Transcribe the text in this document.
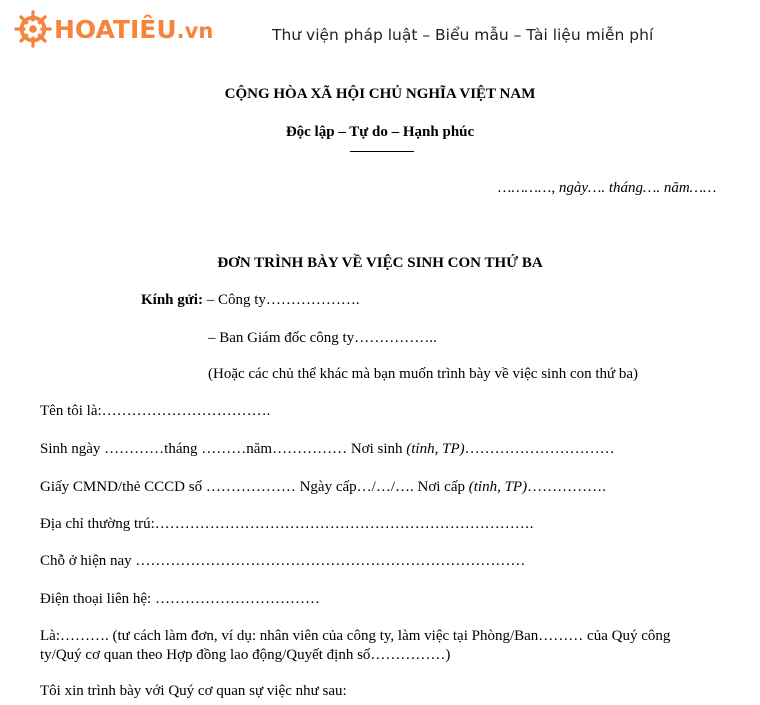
HOATIÊU.vn	Thư viện pháp luật – Biểu mẫu – Tài liệu miễn phí
CỘNG HÒA XÃ HỘI CHỦ NGHĨA VIỆT NAM
Độc lập – Tự do – Hạnh phúc
…………, ngày…. tháng…. năm……
ĐƠN TRÌNH BÀY VỀ VIỆC SINH CON THỨ BA
Kính gửi: – Công ty……………….
– Ban Giám đốc công ty……………..
(Hoặc các chủ thể khác mà bạn muốn trình bày về việc sinh con thứ ba)
Tên tôi là:…………………………….
Sinh ngày …………tháng ………năm…………… Nơi sinh (tỉnh, TP)…………………………
Giấy CMND/thẻ CCCD số ……………… Ngày cấp…/…/…. Nơi cấp (tỉnh, TP)…………….
Địa chỉ thường trú:………………………………………………………………….
Chỗ ở hiện nay ……………………………………………………………………
Điện thoại liên hệ: ……………………………
Là:………. (tư cách làm đơn, ví dụ: nhân viên của công ty, làm việc tại Phòng/Ban……… của Quý công
ty/Quý cơ quan theo Hợp đồng lao động/Quyết định số……………)
Tôi xin trình bày với Quý cơ quan sự việc như sau:
